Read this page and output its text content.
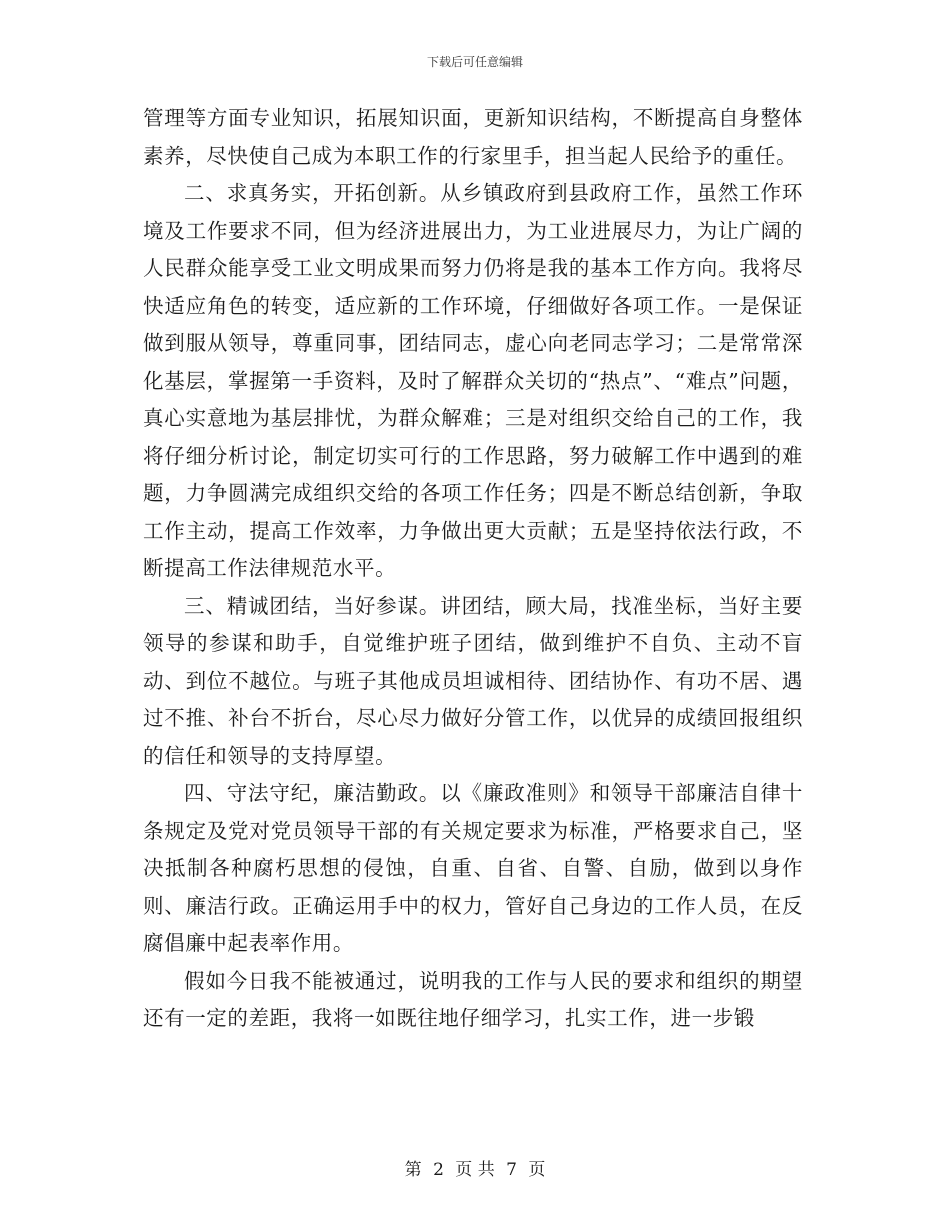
下载后可任意编辑

管理等方面专业知识，拓展知识面，更新知识结构，不断提高自身整体素养，尽快使自己成为本职工作的行家里手，担当起人民给予的重任。

二、求真务实，开拓创新。从乡镇政府到县政府工作，虽然工作环境及工作要求不同，但为经济进展出力，为工业进展尽力，为让广阔的人民群众能享受工业文明成果而努力仍将是我的基本工作方向。我将尽快适应角色的转变，适应新的工作环境，仔细做好各项工作。一是保证做到服从领导，尊重同事，团结同志，虚心向老同志学习；二是常常深化基层，掌握第一手资料，及时了解群众关切的“热点”、“难点”问题，真心实意地为基层排忧，为群众解难；三是对组织交给自己的工作，我将仔细分析讨论，制定切实可行的工作思路，努力破解工作中遇到的难题，力争圆满完成组织交给的各项工作任务；四是不断总结创新，争取工作主动，提高工作效率，力争做出更大贡献；五是坚持依法行政，不断提高工作法律规范水平。

三、精诚团结，当好参谋。讲团结，顾大局，找准坐标，当好主要领导的参谋和助手，自觉维护班子团结，做到维护不自负、主动不盲动、到位不越位。与班子其他成员坦诚相待、团结协作、有功不居、遇过不推、补台不折台，尽心尽力做好分管工作，以优异的成绩回报组织的信任和领导的支持厚望。

四、守法守纪，廉洁勤政。以《廉政准则》和领导干部廉洁自律十条规定及党对党员领导干部的有关规定要求为标准，严格要求自己，坚决抵制各种腐朽思想的侵蚀，自重、自省、自警、自励，做到以身作则、廉洁行政。正确运用手中的权力，管好自己身边的工作人员，在反腐倡廉中起表率作用。

假如今日我不能被通过，说明我的工作与人民的要求和组织的期望还有一定的差距，我将一如既往地仔细学习，扎实工作，进一步锻

第 2 页 共 7 页
